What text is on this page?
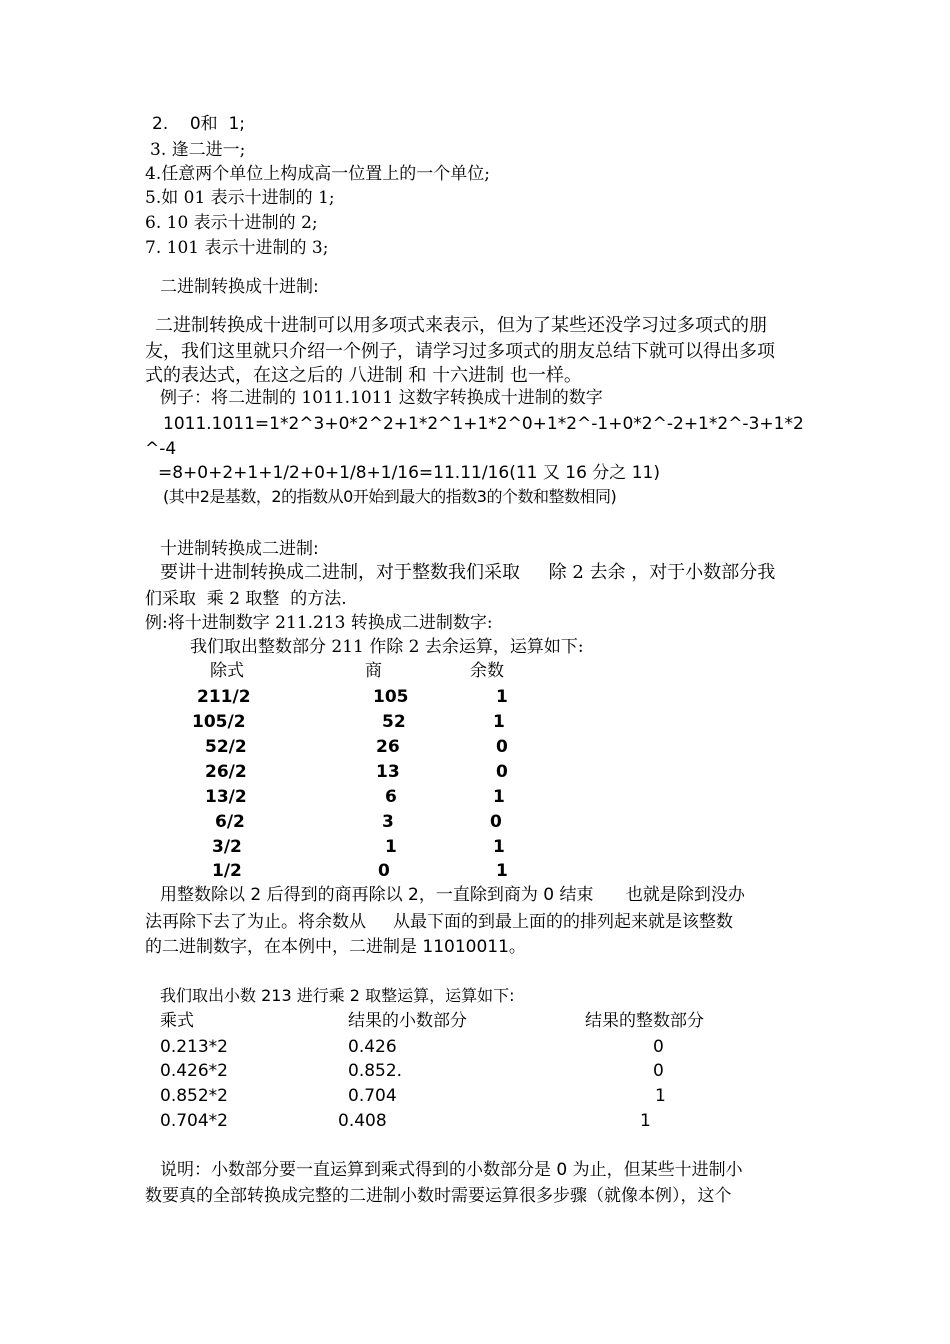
2.    0和  1;
3. 逢二进一;
4.任意两个单位上构成高一位置上的一个单位;
5.如 01 表示十进制的 1;
6. 10 表示十进制的 2;
7. 101 表示十进制的 3;
二进制转换成十进制:
二进制转换成十进制可以用多项式来表示，但为了某些还没学习过多项式的朋
友，我们这里就只介绍一个例子，请学习过多项式的朋友总结下就可以得出多项
式的表达式，在这之后的 八进制 和 十六进制 也一样。
例子：将二进制的 1011.1011 这数字转换成十进制的数字
1011.1011=1*2^3+0*2^2+1*2^1+1*2^0+1*2^-1+0*2^-2+1*2^-3+1*2
^-4
=8+0+2+1+1/2+0+1/8+1/16=11.11/16(11 又 16 分之 11)
(其中2是基数，2的指数从0开始到最大的指数3的个数和整数相同)
十进制转换成二进制:
要讲十进制转换成二进制，对于整数我们采取     除 2 去余 ，对于小数部分我
们采取  乘 2 取整  的方法.
例:将十进制数字 211.213 转换成二进制数字:
我们取出整数部分 211 作除 2 去余运算，运算如下:
除式	商	余数
211/2	105	1
105/2	52	1
52/2	26	0
26/2	13	0
13/2	6	1
6/2	3	0
3/2	1	1
1/2	0	1
用整数除以 2 后得到的商再除以 2，一直除到商为 0 结束      也就是除到没办
法再除下去了为止。将余数从     从最下面的到最上面的的排列起来就是该整数
的二进制数字，在本例中，二进制是 11010011。
我们取出小数 213 进行乘 2 取整运算，运算如下:
乘式	结果的小数部分	结果的整数部分
0.213*2	0.426	0
0.426*2	0.852.	0
0.852*2	0.704	1
0.704*2	0.408	1
说明：小数部分要一直运算到乘式得到的小数部分是 0 为止，但某些十进制小
数要真的全部转换成完整的二进制小数时需要运算很多步骤（就像本例），这个
